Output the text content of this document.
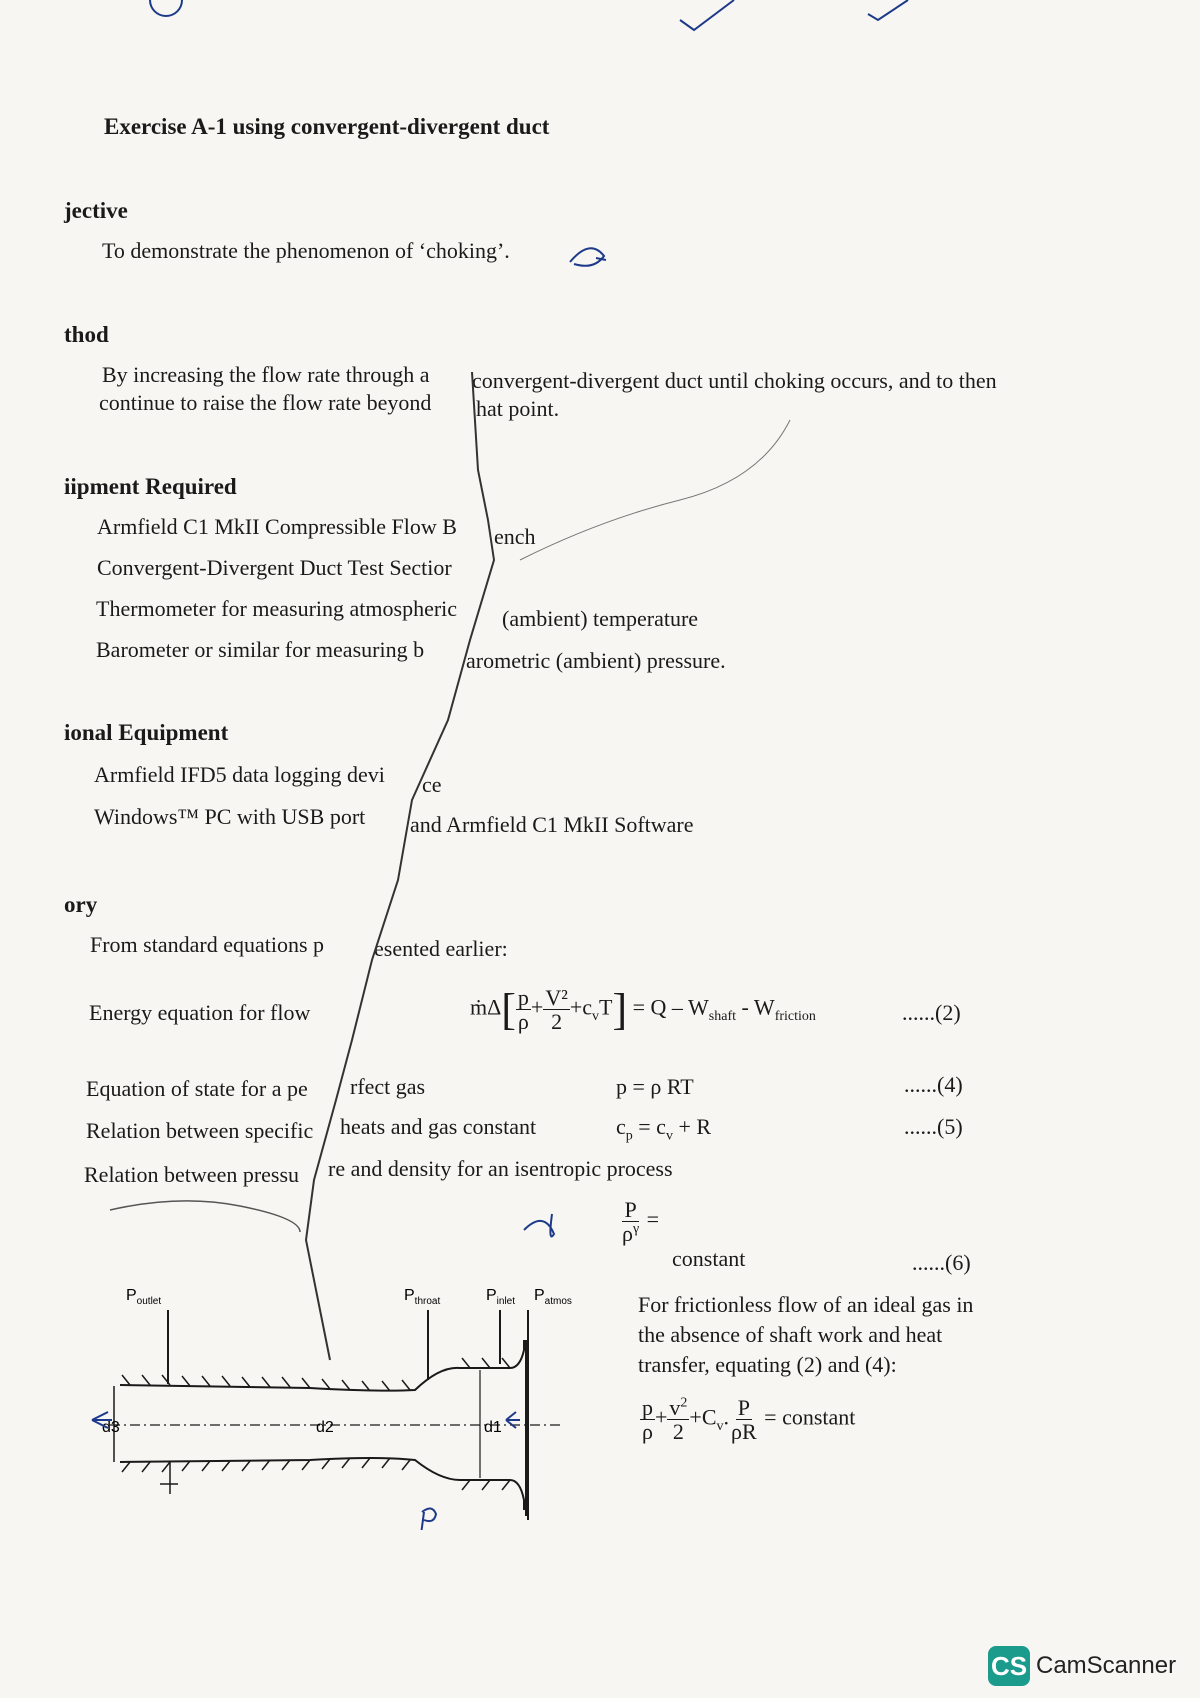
Exercise A-1 using convergent-divergent duct
jective
To demonstrate the phenomenon of ‘choking’.
thod
By increasing the flow rate through a convergent-divergent duct until choking occurs, and to then
continue to raise the flow rate beyond hat point.
iipment Required
Armfield C1 MkII Compressible Flow B ench
Convergent-Divergent Duct Test Sectior
Thermometer for measuring atmospheric (ambient) temperature
Barometer or similar for measuring b arometric (ambient) pressure.
ional Equipment
Armfield IFD5 data logging devi ce
Windows™ PC with USB port and Armfield C1 MkII Software
ory
From standard equations p esented earlier:
Energy equation for flow	ṁΔ[ $\frac{p}{\rho} + \frac{\text{V²}}{2} +c_vT] = Q - W_{shaft} - W_{friction}$	......(2)
Equation of state for a pe rfect gas	p = ρ RT	......(4)
Relation between specific heats and gas constant	$c_p = c_v + R$	......(5)
Relation between pressu re and density for an isentropic process
$\frac{P}{\rho^\gamma}$ =
constant	......(6)
For frictionless flow of an ideal gas in
the absence of shaft work and heat
transfer, equating (2) and (4):
$\frac{p}{\rho} + \frac{v^2}{2} +C_v$. $\frac{P}{\rho R}$ = constant
$P_{outlet}$	$P_{throat}$	$P_{inlet}$ $P_{atmos}$
d1
d2
d3
CS CamScanner
